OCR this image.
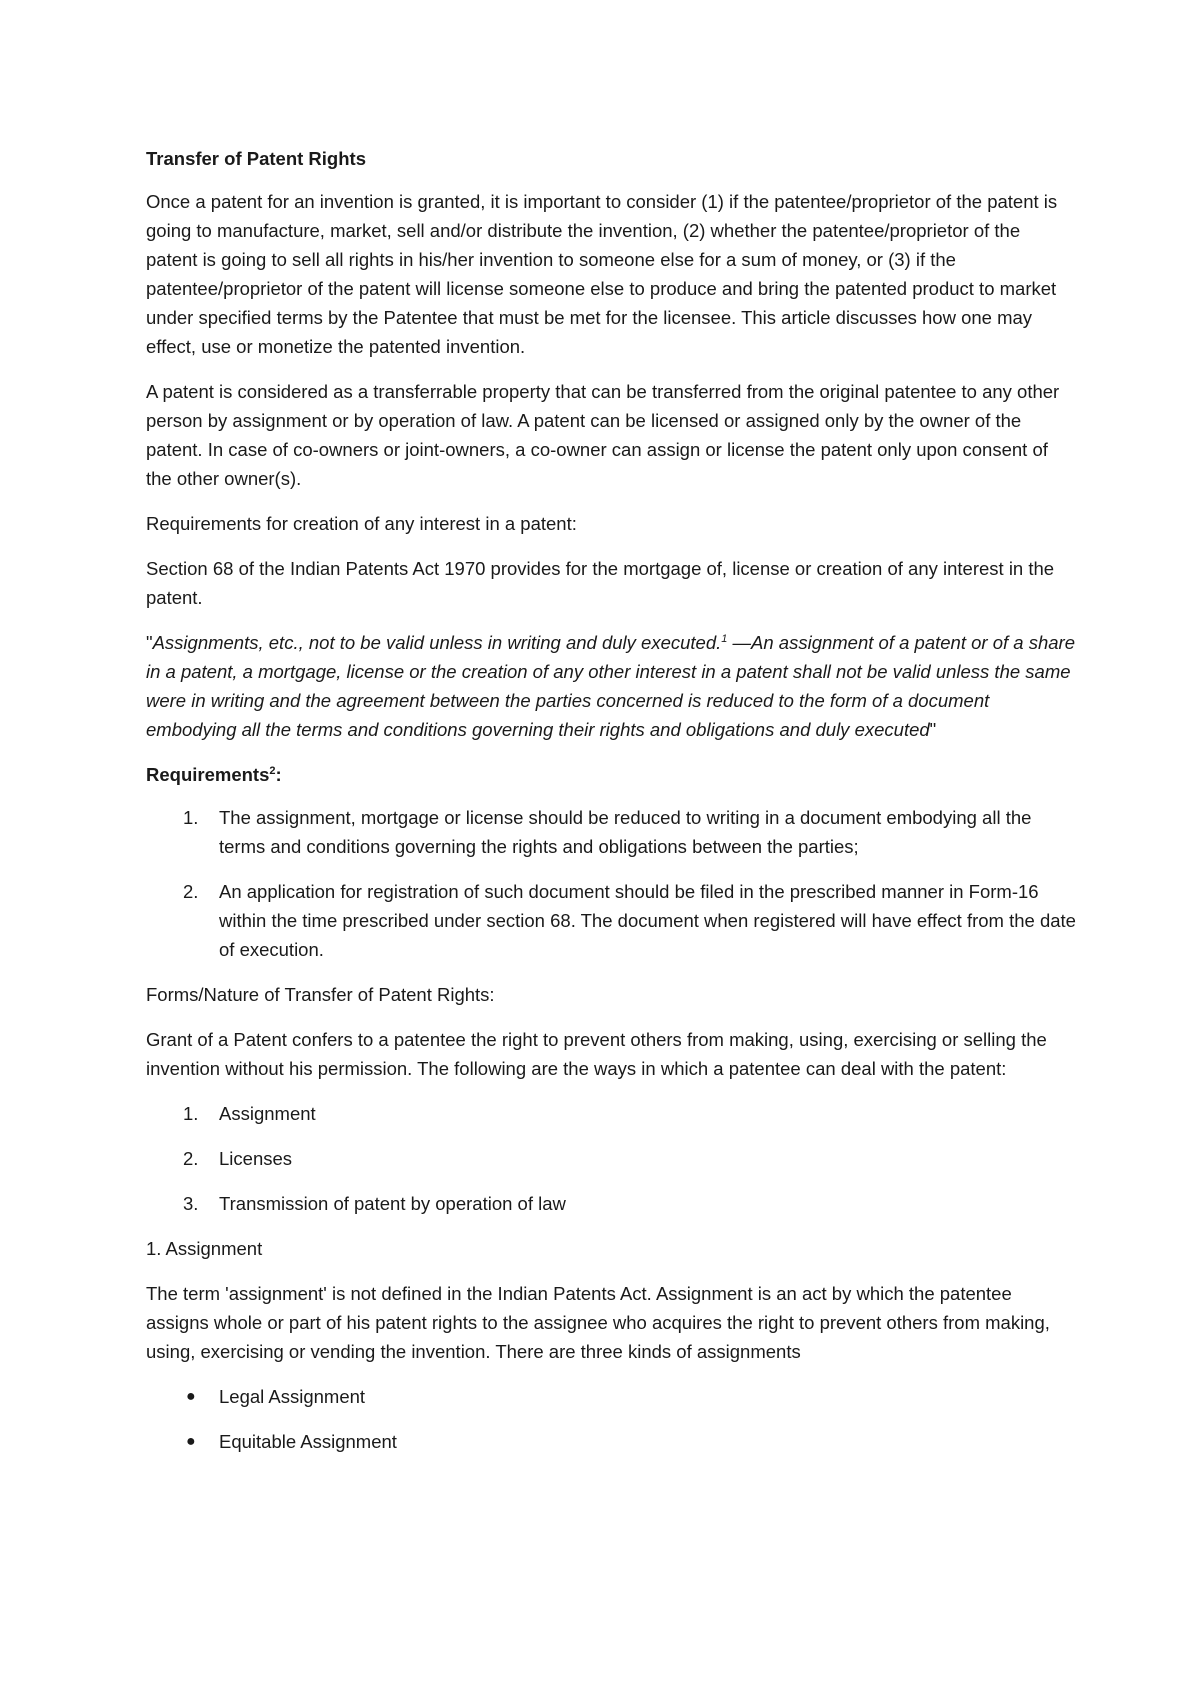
Transfer of Patent Rights

Once a patent for an invention is granted, it is important to consider (1) if the patentee/proprietor of the patent is going to manufacture, market, sell and/or distribute the invention, (2) whether the patentee/proprietor of the patent is going to sell all rights in his/her invention to someone else for a sum of money, or (3) if the patentee/proprietor of the patent will license someone else to produce and bring the patented product to market under specified terms by the Patentee that must be met for the licensee. This article discusses how one may effect, use or monetize the patented invention.

A patent is considered as a transferrable property that can be transferred from the original patentee to any other person by assignment or by operation of law. A patent can be licensed or assigned only by the owner of the patent. In case of co-owners or joint-owners, a co-owner can assign or license the patent only upon consent of the other owner(s).

Requirements for creation of any interest in a patent:

Section 68 of the Indian Patents Act 1970 provides for the mortgage of, license or creation of any interest in the patent.

"Assignments, etc., not to be valid unless in writing and duly executed.$^1$ —An assignment of a patent or of a share in a patent, a mortgage, license or the creation of any other interest in a patent shall not be valid unless the same were in writing and the agreement between the parties concerned is reduced to the form of a document embodying all the terms and conditions governing their rights and obligations and duly executed"

Requirements$^2$:

1. The assignment, mortgage or license should be reduced to writing in a document embodying all the terms and conditions governing the rights and obligations between the parties;
2. An application for registration of such document should be filed in the prescribed manner in Form-16 within the time prescribed under section 68. The document when registered will have effect from the date of execution.

Forms/Nature of Transfer of Patent Rights:

Grant of a Patent confers to a patentee the right to prevent others from making, using, exercising or selling the invention without his permission. The following are the ways in which a patentee can deal with the patent:

1. Assignment
2. Licenses
3. Transmission of patent by operation of law

1. Assignment

The term 'assignment' is not defined in the Indian Patents Act. Assignment is an act by which the patentee assigns whole or part of his patent rights to the assignee who acquires the right to prevent others from making, using, exercising or vending the invention. There are three kinds of assignments

● Legal Assignment
● Equitable Assignment
